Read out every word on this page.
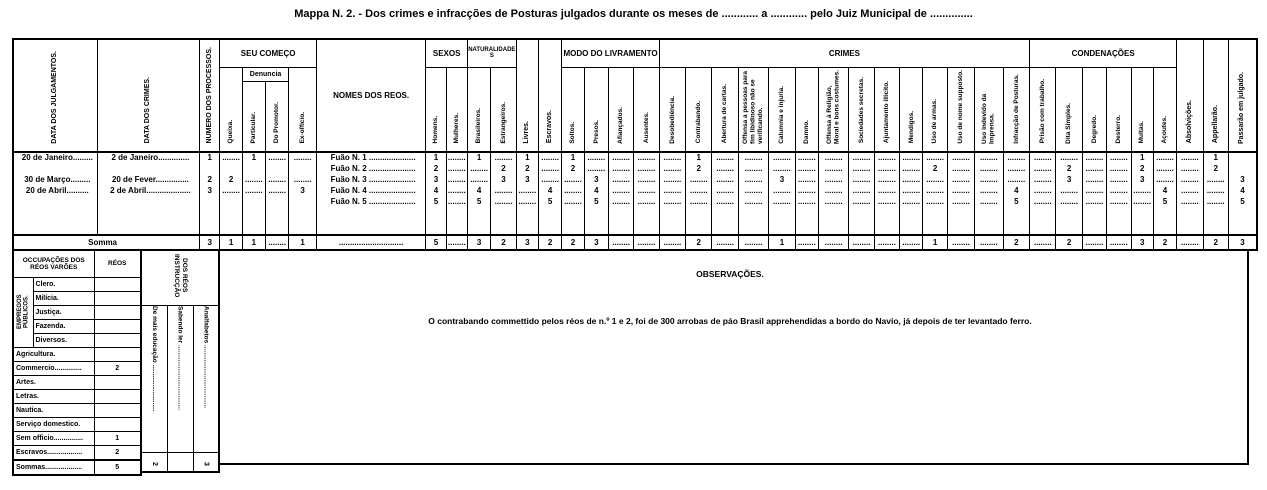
Mappa N. 2. - Dos crimes e infracções de Posturas julgados durante os meses de ............ a ............ pelo Juiz Municipal de ..............
DATA DOS JULGAMENTOS.	DATA DOS CRIMES.	NUMERO DOS PROCESSOS.	SEU COMEÇO				NOMES DOS REOS.	SEXOS		NATURALIDADES		Livres.	Escravos.	MODO DO LIVRAMENTO				CRIMES														CONDENAÇÕES						Absolvições.	Appellarão.	Passarão em julgado.
			Queixa.	Denuncia		Ex-officio.		Homens.	Mulheres.	Brasileiros.	Estrangeiros.			Soltos.	Presos.	Afiançados.	Ausentes.	Desobediência.	Contrabando.	Abertura de cartas.	Offensa a pessoas para fim libidinoso não se verificando.	Calumnia e injuria.	Damno.	Offensa à Religião, Moral e bons costumes.	Sociedades secretas.	Ajuntamento illicito.	Mendigos.	Uso de armas.	Uso de nome supposto.	Uso indevido da Imprensa.	Infracção de Posturas.	Prisão com trabalho.	Dita Simples.	Degredo.	Desterro.	Multas.	Açoutes.			
				Particular.	Do Promotor.																																			
20 de Janeiro.........	2 de Janeiro..............	1	........	1	........	........	Fuão N. 1 .....................	1	........	1	........	1	........	1	........	........	........	........	1	........	........	........	........	........	........	........	........	........	........	........	........	........	........	........	........	1	........	........	1	
							Fuão N. 2 .....................	2	........	........	2	2	........	2	........	........	........	........	2	........	........	........	........	........	........	........	........	2	........	........	........	........	2	........	........	2	........	........	2	
30 de Março.........	20 de Fever...............	2	2	........	........	........	Fuão N. 3 .....................	3	........	........	3	3	........	........	3	........	........	........	........	........	........	3	........	........	........	........	........	........	........	........	........	........	3	........	........	3	........	........	........	3
20 de Abril..........	2 de Abril....................	3	........	........	........	3	Fuão N. 4 .....................	4	........	4	........	........	4	........	4	........	........	........	........	........	........	........	........	........	........	........	........	........	........	........	4	........	........	........	........	........	4	........	........	4
							Fuão N. 5 .....................	5	........	5	........	........	5	........	5	........	........	........	........	........	........	........	........	........	........	........	........	........	........	........	5	........	........	........	........	........	5	........	........	5

Somma		3	1	1	........	1	.............................	5	........	3	2	3	2	2	3	........	........	........	2	........	........	1	........	........	........	........	........	1	........	........	2	........	2	........	........	3	2	........	2	3
OCCUPAÇÕES DOS RÉOS VARÕES		RÉOS
EMPREGOS PÚBLICOS.	Clero.	
	Milícia.	
	Justiça.	
	Fazenda.	
	Diversos.	
Agricultura.		
Commercio..............		2
Artes.		
Letras.		
Nautica.		
Serviço domestico.		
Sem officio...............		1
Escravos..................		2
Sommas...................		5
INSTRUCÇÃO DOS RÉOS		
De mais educação ..........................	Sabendo ler ....................................	Analfabetos ...................................
2		3
OBSERVAÇÕES.
O contrabando commettido pelos réos de n.º 1 e 2, foi de 300 arrobas de páo Brasil apprehendidas a bordo do Navio, já depois de ter levantado ferro.
